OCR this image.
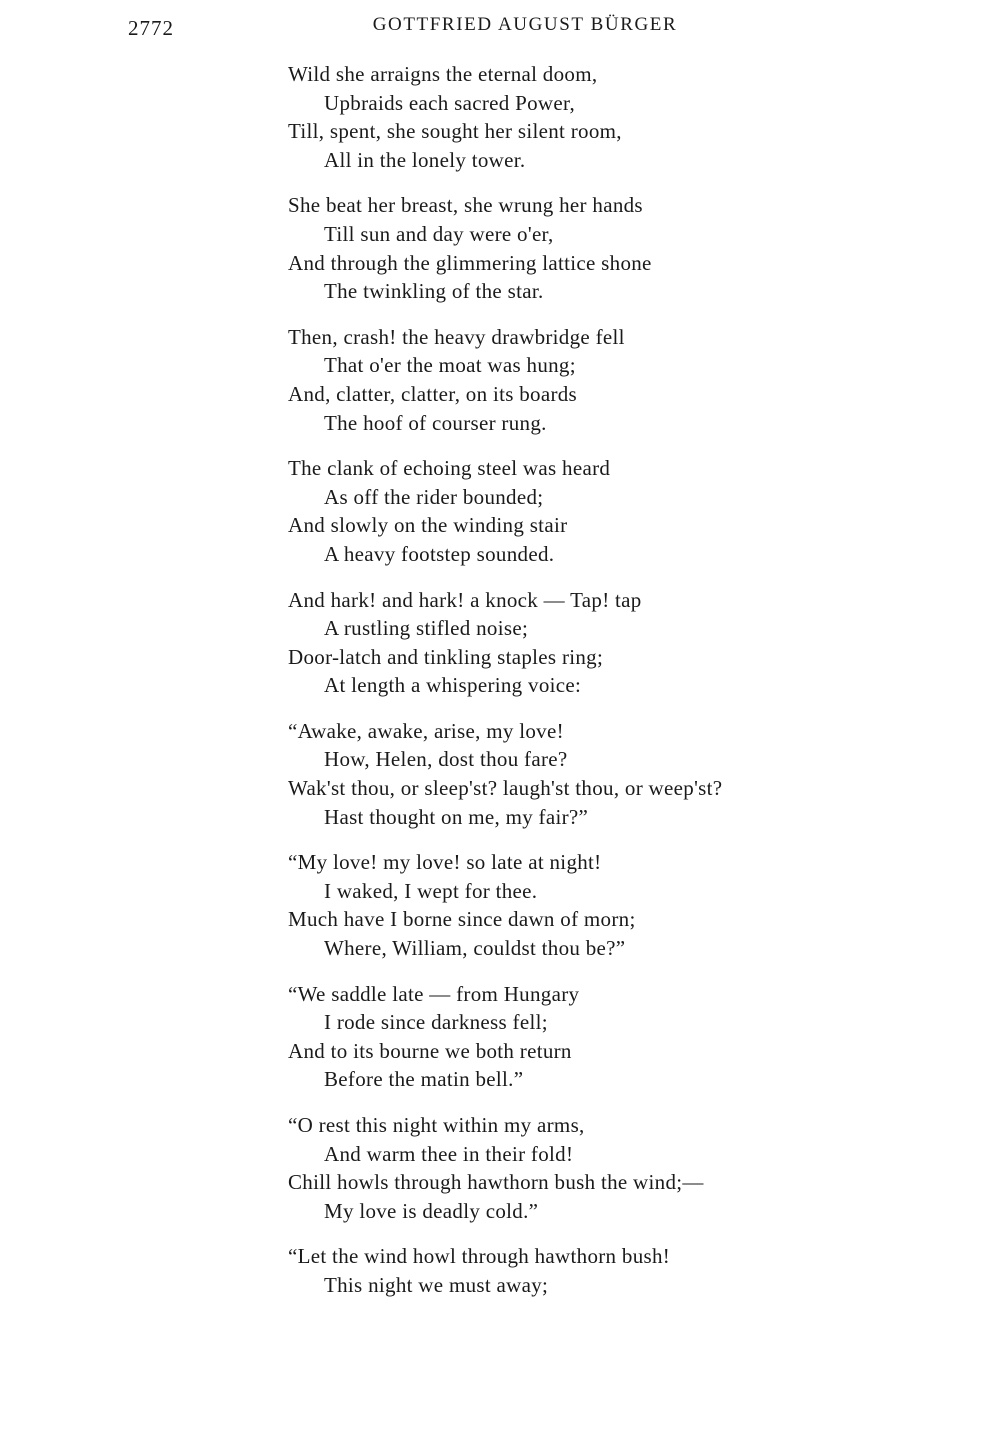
2772	GOTTFRIED AUGUST BÜRGER
Wild she arraigns the eternal doom,
Upbraids each sacred Power,
Till, spent, she sought her silent room,
All in the lonely tower.
She beat her breast, she wrung her hands
Till sun and day were o'er,
And through the glimmering lattice shone
The twinkling of the star.
Then, crash! the heavy drawbridge fell
That o'er the moat was hung;
And, clatter, clatter, on its boards
The hoof of courser rung.
The clank of echoing steel was heard
As off the rider bounded;
And slowly on the winding stair
A heavy footstep sounded.
And hark! and hark! a knock — Tap! tap
A rustling stifled noise;
Door-latch and tinkling staples ring;
At length a whispering voice:
“Awake, awake, arise, my love!
How, Helen, dost thou fare?
Wak'st thou, or sleep'st? laugh'st thou, or weep'st?
Hast thought on me, my fair?”
“My love! my love! so late at night!
I waked, I wept for thee.
Much have I borne since dawn of morn;
Where, William, couldst thou be?”
“We saddle late — from Hungary
I rode since darkness fell;
And to its bourne we both return
Before the matin bell.”
“O rest this night within my arms,
And warm thee in their fold!
Chill howls through hawthorn bush the wind;—
My love is deadly cold.”
“Let the wind howl through hawthorn bush!
This night we must away;
